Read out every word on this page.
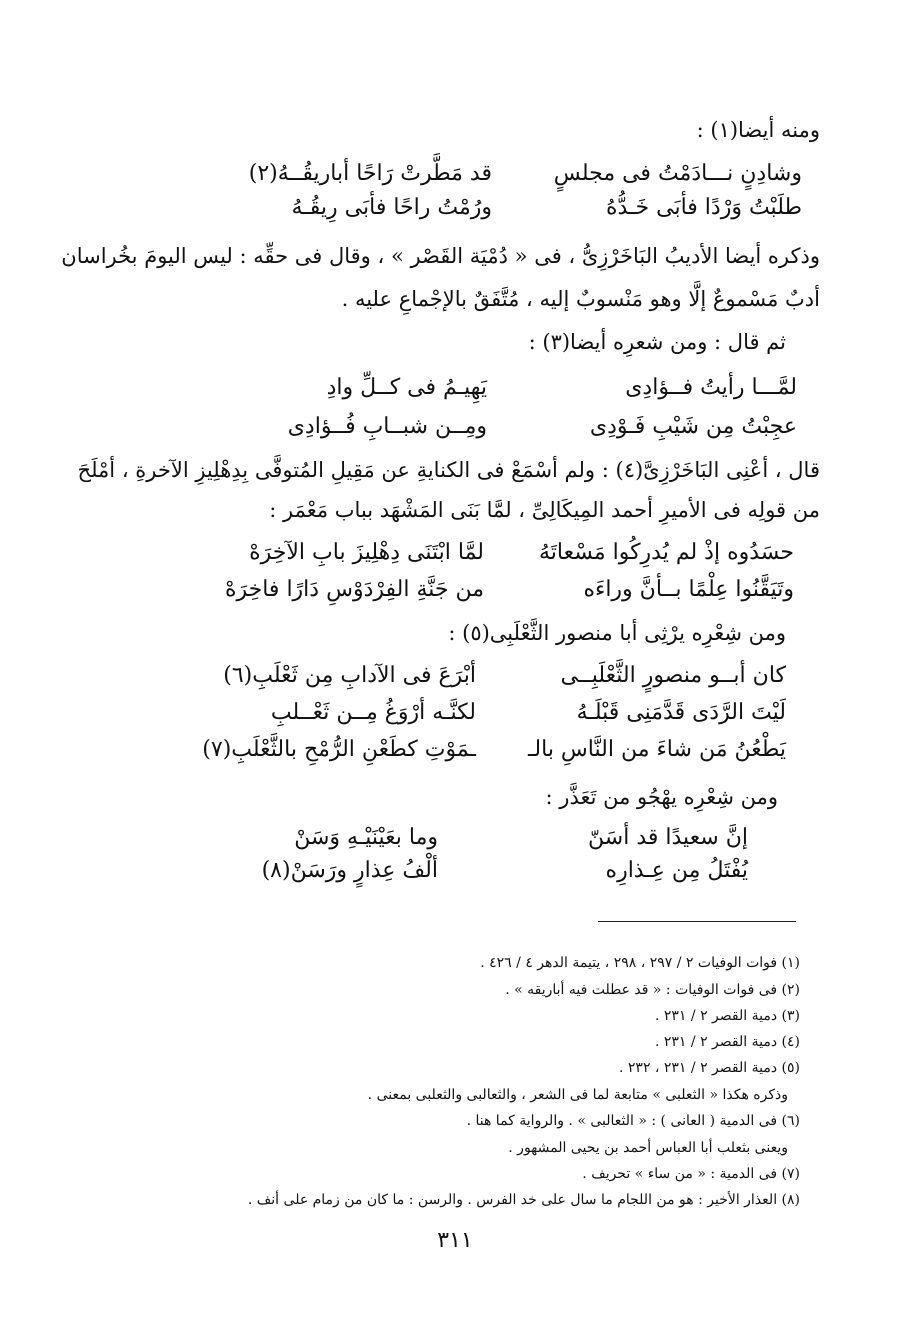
ومنه أيضا(١) :
وشادِنٍ نـــادَمْتُ فى مجلسٍ
قد مَطَّرتْ رَاحًا أباريقُــهُ(٢)
طلَبْتُ وَرْدًا فأبَى خَـدُّهُ
ورُمْتُ راحًا فأبَى رِيقُـهُ
وذكره أيضا الأديبُ البَاخَرْزِىُّ ، فى « دُمْيَة القَصْر » ، وقال فى حقِّه : ليس اليومَ بخُراسان
أدبٌ مَسْموعٌ إلَّا وهو مَنْسوبٌ إليه ، مُتَّفَقٌ بالإجْماعِ عليه .
ثم قال : ومن شعرِه أيضا(٣) :
لمَّـــا رأيتُ فــؤادِى
يَهِيـمُ فى كــلِّ وادِ
عجِبْتُ مِن شَيْبِ فَـوْدِى
ومِــن شبــابِ فُــؤادِى
قال ، أعْنِى البَاخَرْزِىَّ(٤) : ولم أسْمَعْ فى الكنايةِ عن مَقِيلِ المُتوفَّى بِدِهْلِيزِ الآخرةِ ، أمْلَحَ
من قولِه فى الأميرِ أحمد المِيكَالِىِّ ، لمَّا بَنَى المَشْهَد بباب مَعْمَر :
حسَدُوه إذْ لم يُدرِكُوا مَسْعاتَهُ
لمَّا ابْتَنَى دِهْلِيزَ بابِ الآخِرَهْ
وتَيَقَّنُوا عِلْمًا بــأنَّ وراءَه
من جَنَّةِ الفِرْدَوْسِ دَارًا فاخِرَهْ
ومن شِعْرِه يرْثِى أبا منصور الثَّعْلَبِى(٥) :
كان أبــو منصورٍ الثَّعْلَبِــى
أبْرَعَ فى الآدابِ مِن ثَعْلَبِ(٦)
لَيْتَ الرَّدَى قَدَّمَنِى قَبْلَـهُ
لكنَّـه أرْوَغُ مِــن ثَعْــلبِ
يَطْعُنُ مَن شاءَ من النَّاسِ بالـ
ـمَوْتِ كطَعْنِ الرُّمْحِ بالثَّعْلَبِ(٧)
ومن شِعْرِه يهْجُو من تَعَذَّر :
إنَّ سعيدًا قد أسَنّ
وما بعَيْنَيْـهِ وَسَنْ
يُفْتَلُ مِن عِـذارِه
ألْفُ عِذارٍ ورَسَنْ(٨)
(١) فوات الوفيات ٢ / ٢٩٧ ، ٢٩٨ ، يتيمة الدهر ٤ / ٤٢٦ .
(٢) فى فوات الوفيات : « قد عطلت فيه أباريقه » .
(٣) دمية القصر ٢ / ٢٣١ .
(٤) دمية القصر ٢ / ٢٣١ .
(٥) دمية القصر ٢ / ٢٣١ ، ٢٣٢ .
وذكره هكذا « الثعلبى » متابعة لما فى الشعر ، والثعالبى والثعلبى بمعنى .
(٦) فى الدمية ( العانى ) : « الثعالبى » . والرواية كما هنا .
ويعنى بثعلب أبا العباس أحمد بن يحيى المشهور .
(٧) فى الدمية : « من ساء » تحريف .
(٨) العذار الأخير : هو من اللجام ما سال على خد الفرس . والرسن : ما كان من زمام على أنف .
٣١١
